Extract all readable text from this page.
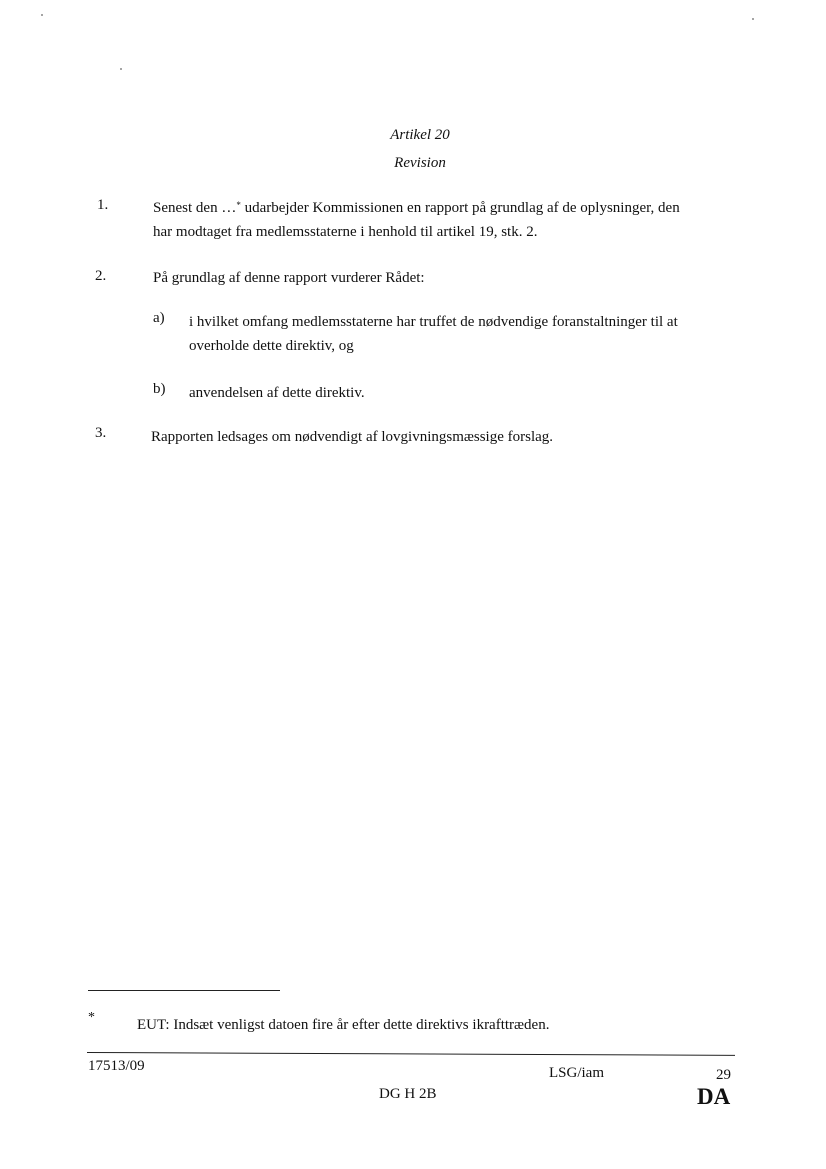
Artikel 20
Revision
1.	Senest den …* udarbejder Kommissionen en rapport på grundlag af de oplysninger, den
har modtaget fra medlemsstaterne i henhold til artikel 19, stk. 2.
2.	På grundlag af denne rapport vurderer Rådet:
a) i hvilket omfang medlemsstaterne har truffet de nødvendige foranstaltninger til at
overholde dette direktiv, og
b) anvendelsen af dette direktiv.
3.	Rapporten ledsages om nødvendigt af lovgivningsmæssige forslag.
*	EUT: Indsæt venligst datoen fire år efter dette direktivs ikrafttræden.
17513/09	LSG/iam	29
DG H 2B	DA
